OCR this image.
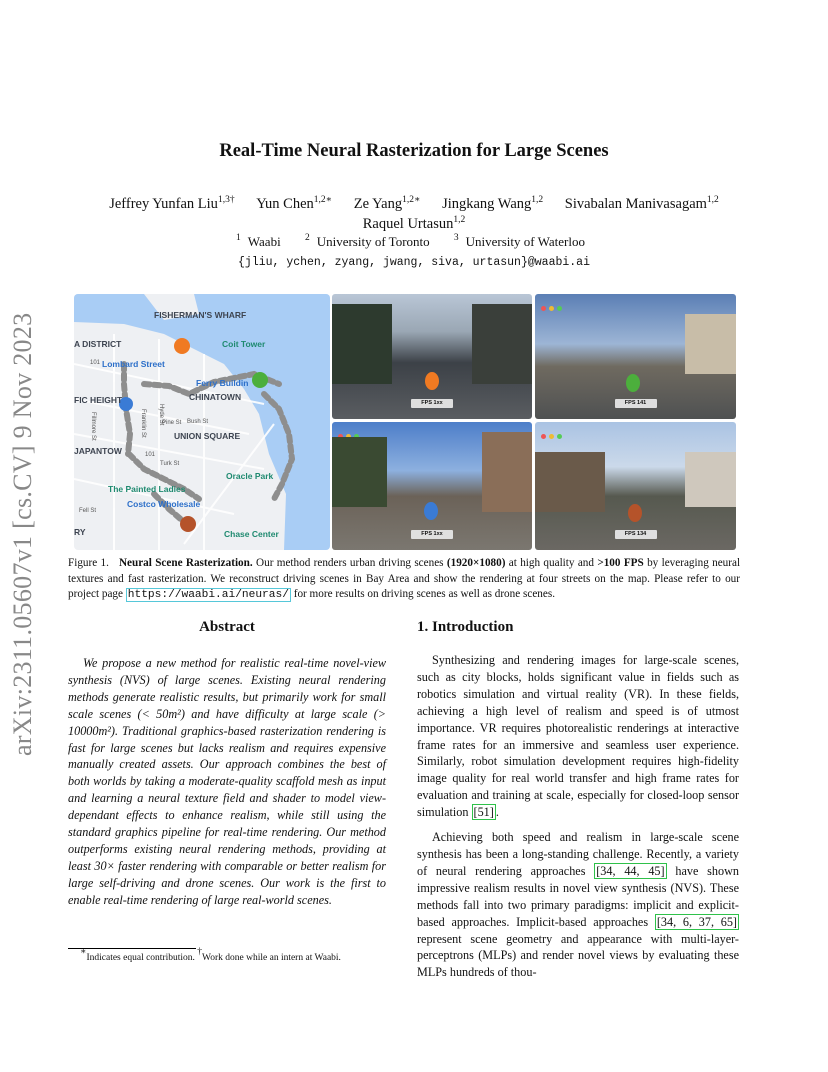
arXiv:2311.05607v1 [cs.CV] 9 Nov 2023
Real-Time Neural Rasterization for Large Scenes
Jeffrey Yunfan Liu$^{1,3\dagger}$ Yun Chen$^{1,2∗}$ Ze Yang$^{1,2∗}$ Jingkang Wang$^{1,2}$ Sivabalan Manivasagam$^{1,2}$
Raquel Urtasun$^{1,2}$
$^1$ Waabi	$^2$ University of Toronto	$^3$ University of Waterloo
{jliu, ychen, zyang, jwang, siva, urtasun}@waabi.ai
FISHERMAN'S WHARF
A DISTRICT
Lombard Street
Coit Tower
Ferry Buildin
CHINATOWN
FIC HEIGHT
UNION SQUARE
JAPANTOW
Oracle Park
The Painted Ladies
Costco Wholesale
Chase Center
RY
Fell St
Pine St Bush St
Turk St
101
101
Hyde St
Franklin St
Fillmore St
FPS 1xx	FPS 141
FPS 1xx	FPS 134
Figure 1. Neural Scene Rasterization. Our method renders urban driving scenes (1920×1080) at high quality and >100 FPS by leveraging neural textures and fast rasterization. We reconstruct driving scenes in Bay Area and show the rendering at four streets on the map. Please refer to our project page https://waabi.ai/neuras/ for more results on driving scenes as well as drone scenes.
Abstract	1. Introduction
We propose a new method for realistic real-time novel-view synthesis (NVS) of large scenes. Existing neural rendering methods generate realistic results, but primarily work for small scale scenes (< 50m²) and have difficulty at large scale (> 10000m²). Traditional graphics-based rasterization rendering is fast for large scenes but lacks realism and requires expensive manually created assets. Our approach combines the best of both worlds by taking a moderate-quality scaffold mesh as input and learning a neural texture field and shader to model view-dependant effects to enhance realism, while still using the standard graphics pipeline for real-time rendering. Our method outperforms existing neural rendering methods, providing at least 30× faster rendering with comparable or better realism for large self-driving and drone scenes. Our work is the first to enable real-time rendering of large real-world scenes.

Synthesizing and rendering images for large-scale scenes, such as city blocks, holds significant value in fields such as robotics simulation and virtual reality (VR). In these fields, achieving a high level of realism and speed is of utmost importance. VR requires photorealistic renderings at interactive frame rates for an immersive and seamless user experience. Similarly, robot simulation development requires high-fidelity image quality for real world transfer and high frame rates for evaluation and training at scale, especially for closed-loop sensor simulation [51] .

Achieving both speed and realism in large-scale scene synthesis has been a long-standing challenge. Recently, a variety of neural rendering approaches [34, 44, 45] have shown impressive realism results in novel view synthesis (NVS). These methods fall into two primary paradigms: implicit and explicit-based approaches. Implicit-based approaches [34, 6, 37, 65] represent scene geometry and appearance with multi-layer-perceptrons (MLPs) and render novel views by evaluating these MLPs hundreds of thou-

∗Indicates equal contribution. †Work done while an intern at Waabi.
